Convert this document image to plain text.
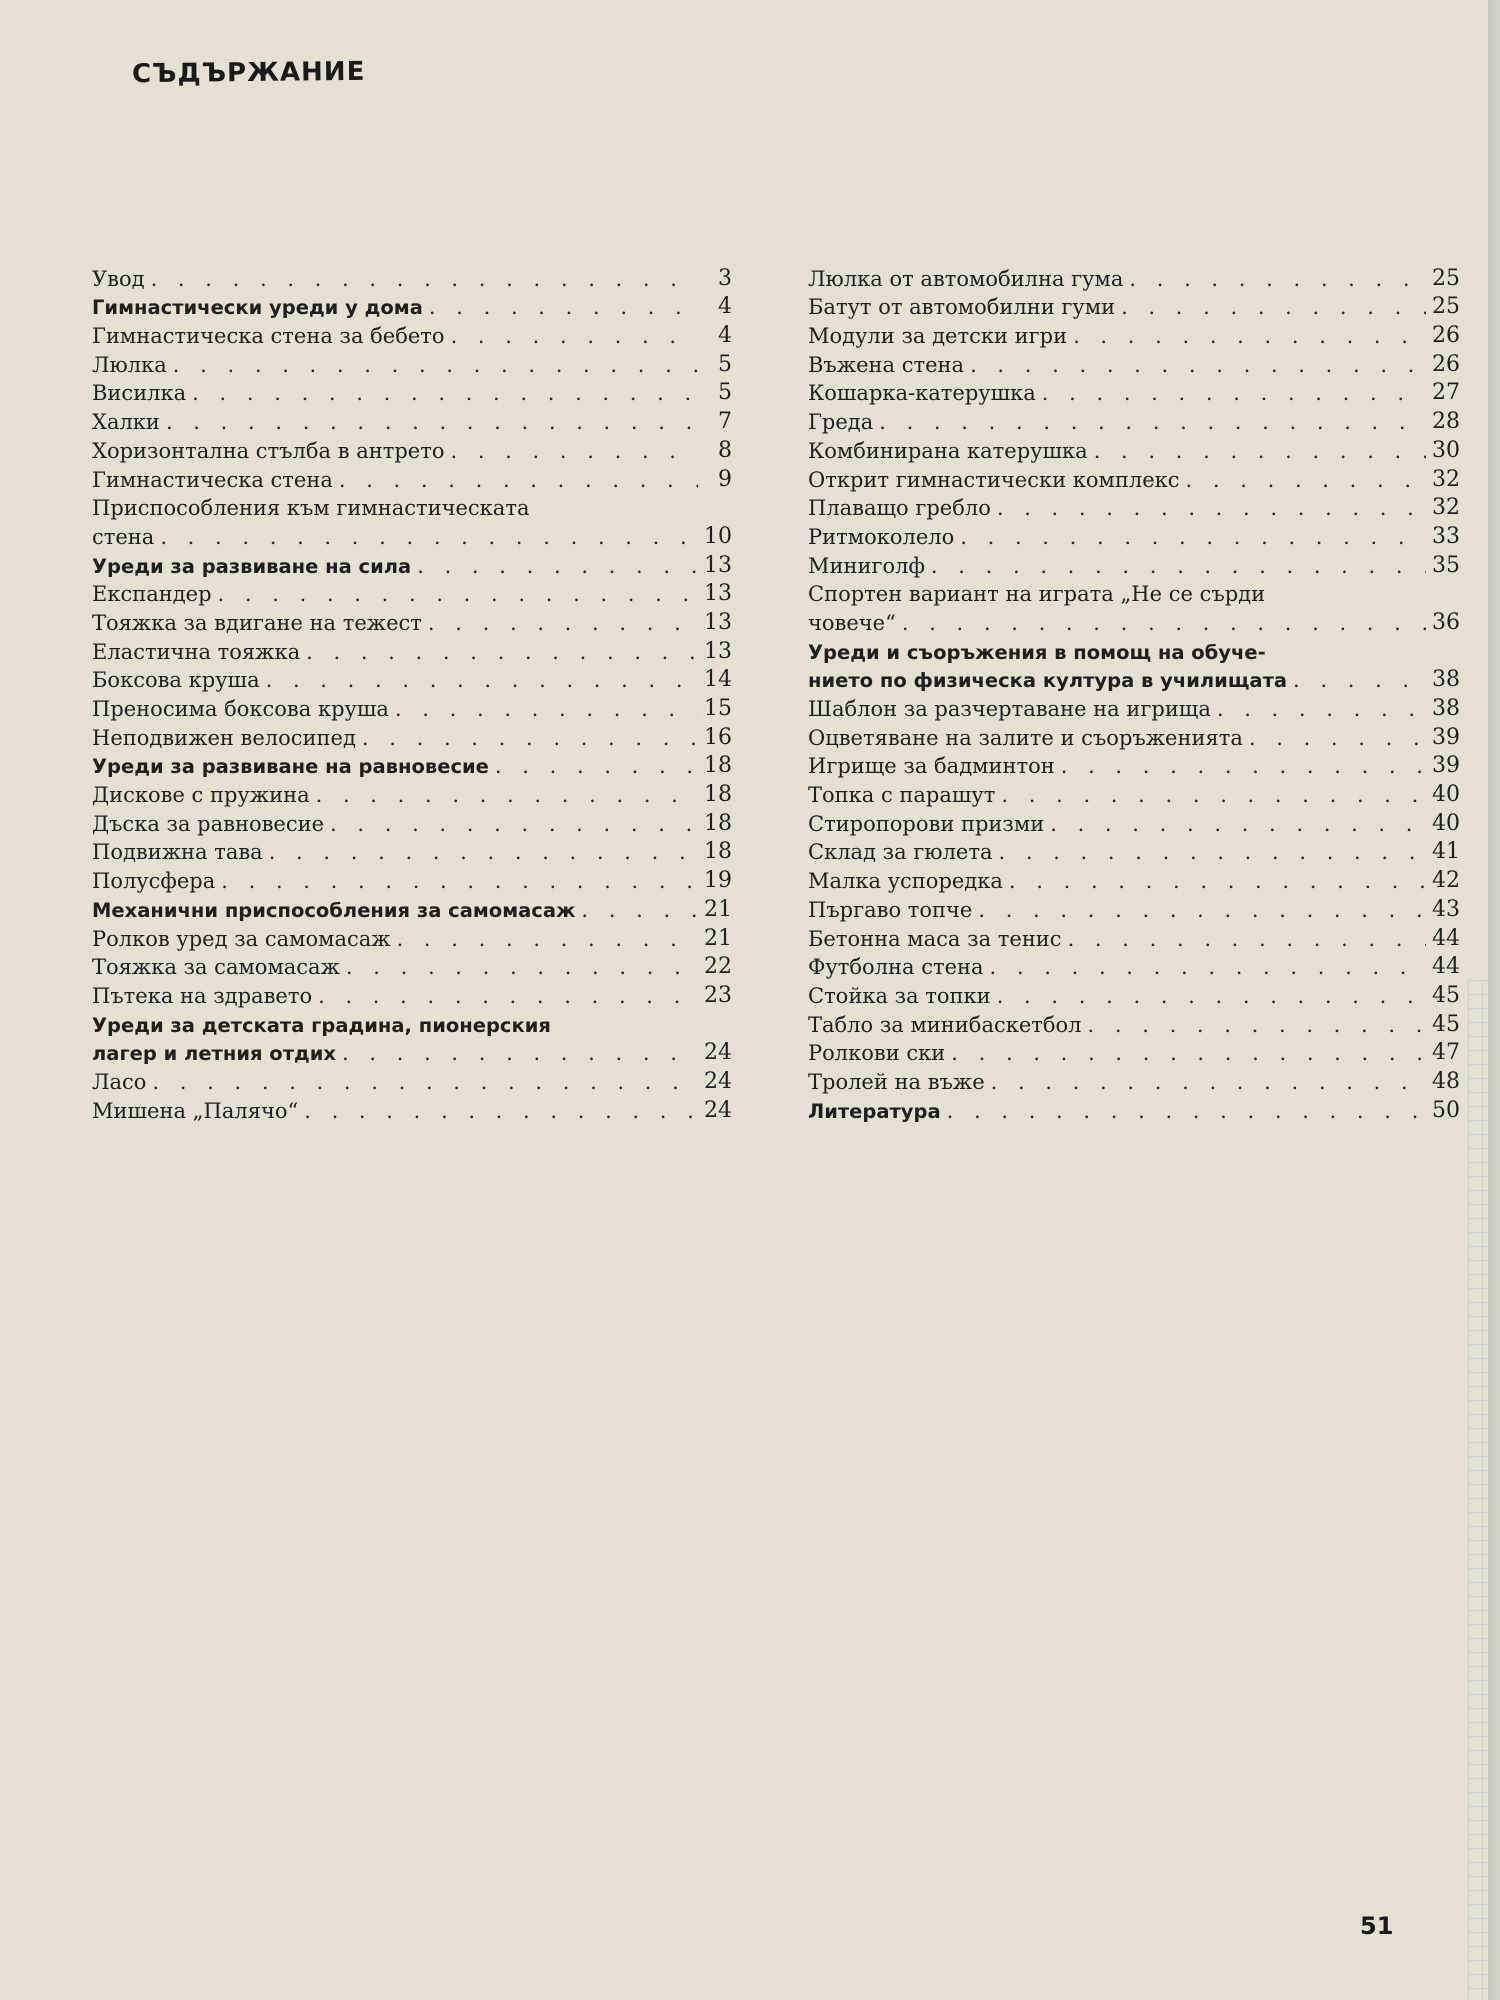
СЪДЪРЖАНИЕ
Увод . . .	3
Гимнастически уреди у дома . . .	4
Гимнастическа стена за бебето . . .	4
Люлка . . .	5
Висилка . . .	5
Халки . . .	7
Хоризонтална стълба в антрето . . .	8
Гимнастическа стена . . .	9
Приспособления към гимнастическата
стена . . .	10
Уреди за развиване на сила . . .	13
Експандер . . .	13
Тояжка за вдигане на тежест . . .	13
Еластична тояжка . . .	13
Боксова круша . . .	14
Преносима боксова круша . . .	15
Неподвижен велосипед . . .	16
Уреди за развиване на равновесие . . .	18
Дискове с пружина . . .	18
Дъска за равновесие . . .	18
Подвижна тава . . .	18
Полусфера . . .	19
Механични приспособления за самомасаж . . .	21
Ролков уред за самомасаж . . .	21
Тояжка за самомасаж . . .	22
Пътека на здравето . . .	23
Уреди за детската градина, пионерския
лагер и летния отдих . . .	24
Ласо . . .	24
Мишена „Палячо“ . . .	24
Люлка от автомобилна гума . . .	25
Батут от автомобилни гуми . . .	25
Модули за детски игри . . .	26
Въжена стена . . .	26
Кошарка-катерушка . . .	27
Греда . . .	28
Комбинирана катерушка . . .	30
Открит гимнастически комплекс . . .	32
Плаващо гребло . . .	32
Ритмоколело . . .	33
Миниголф . . .	35
Спортен вариант на играта „Не се сърди
човече“ . . .	36
Уреди и съоръжения в помощ на обуче-
нието по физическа култура в училищата . . .	38
Шаблон за разчертаване на игрища . . .	38
Оцветяване на залите и съоръженията . . .	39
Игрище за бадминтон . . .	39
Топка с парашут . . .	40
Стиропорови призми . . .	40
Склад за гюлета . . .	41
Малка успоредка . . .	42
Пъргаво топче . . .	43
Бетонна маса за тенис . . .	44
Футболна стена . . .	44
Стойка за топки . . .	45
Табло за минибаскетбол . . .	45
Ролкови ски . . .	47
Тролей на въже . . .	48
Литература . . .	50
51
